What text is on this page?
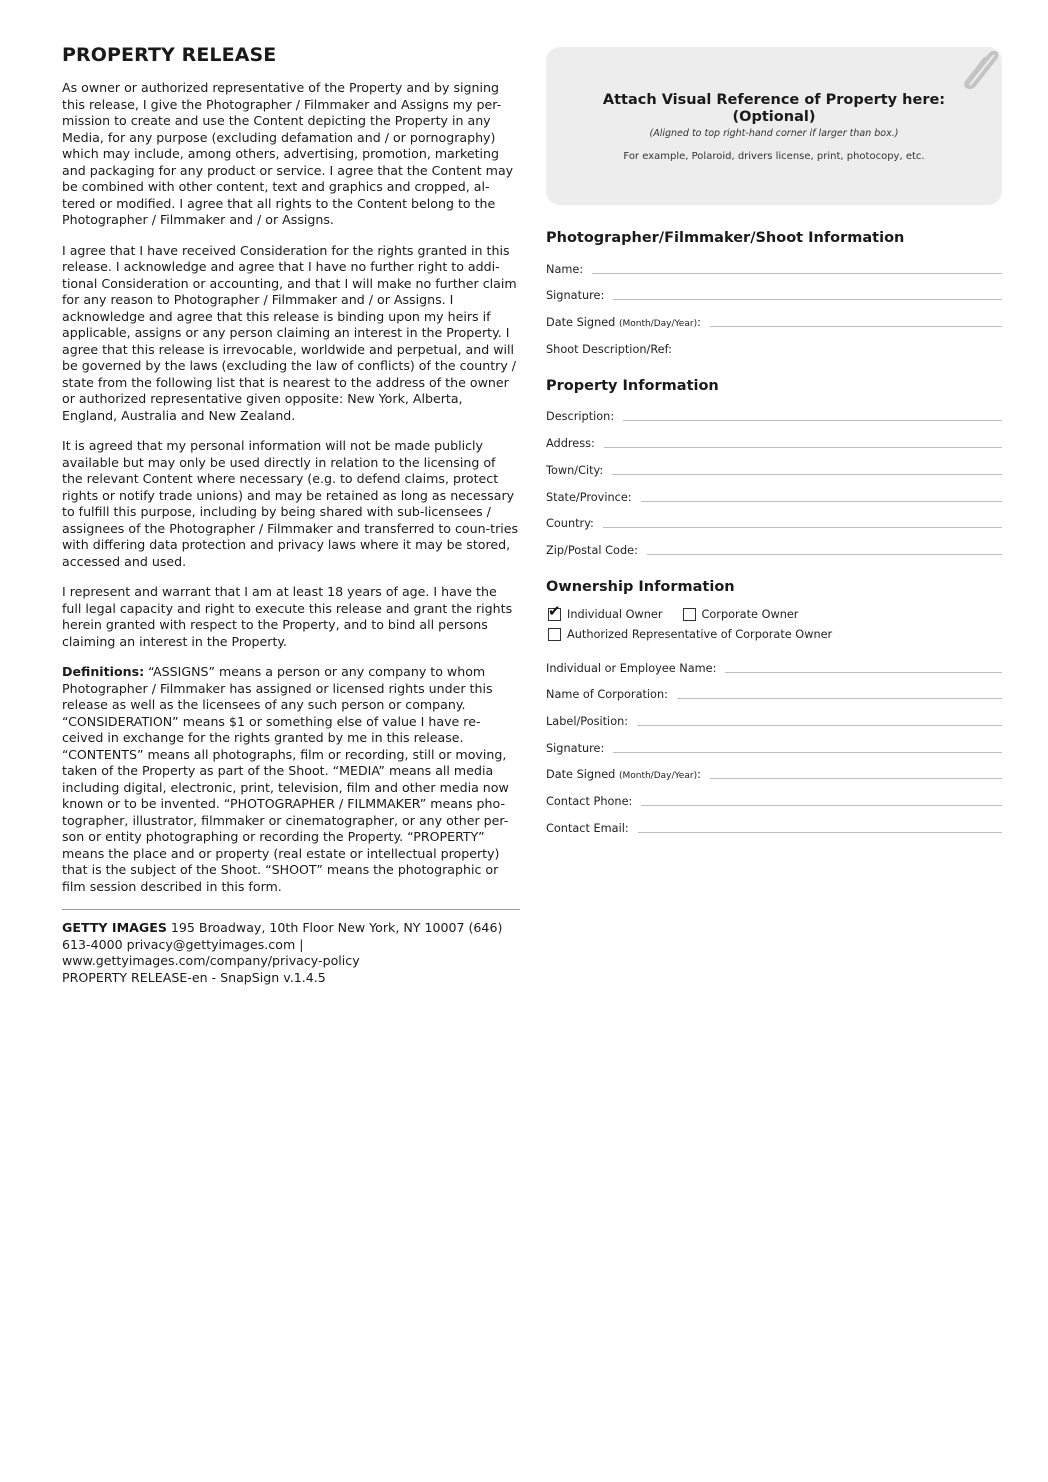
PROPERTY RELEASE

As owner or authorized representative of the Property and by signing this release, I give the Photographer / Filmmaker and Assigns my per-mission to create and use the Content depicting the Property in any Media, for any purpose (excluding defamation and / or pornography) which may include, among others, advertising, promotion, marketing and packaging for any product or service. I agree that the Content may be combined with other content, text and graphics and cropped, al-tered or modified. I agree that all rights to the Content belong to the Photographer / Filmmaker and / or Assigns.

I agree that I have received Consideration for the rights granted in this release. I acknowledge and agree that I have no further right to addi-tional Consideration or accounting, and that I will make no further claim for any reason to Photographer / Filmmaker and / or Assigns. I acknowledge and agree that this release is binding upon my heirs if applicable, assigns or any person claiming an interest in the Property. I agree that this release is irrevocable, worldwide and perpetual, and will be governed by the laws (excluding the law of conflicts) of the country / state from the following list that is nearest to the address of the owner or authorized representative given opposite: New York, Alberta, England, Australia and New Zealand.

It is agreed that my personal information will not be made publicly available but may only be used directly in relation to the licensing of the relevant Content where necessary (e.g. to defend claims, protect rights or notify trade unions) and may be retained as long as necessary to fulfill this purpose, including by being shared with sub-licensees / assignees of the Photographer / Filmmaker and transferred to coun-tries with differing data protection and privacy laws where it may be stored, accessed and used.

I represent and warrant that I am at least 18 years of age. I have the full legal capacity and right to execute this release and grant the rights herein granted with respect to the Property, and to bind all persons claiming an interest in the Property.

Definitions: “ASSIGNS” means a person or any company to whom Photographer / Filmmaker has assigned or licensed rights under this release as well as the licensees of any such person or company. “CONSIDERATION” means $1 or something else of value I have re-ceived in exchange for the rights granted by me in this release. “CONTENTS” means all photographs, film or recording, still or moving, taken of the Property as part of the Shoot. “MEDIA” means all media including digital, electronic, print, television, film and other media now known or to be invented. “PHOTOGRAPHER / FILMMAKER” means pho-tographer, illustrator, filmmaker or cinematographer, or any other per-son or entity photographing or recording the Property. “PROPERTY” means the place and or property (real estate or intellectual property) that is the subject of the Shoot. “SHOOT” means the photographic or film session described in this form.

GETTY IMAGES 195 Broadway, 10th Floor New York, NY 10007 (646) 613-4000 privacy@gettyimages.com | www.gettyimages.com/company/privacy-policy
PROPERTY RELEASE-en - SnapSign v.1.4.5
Attach Visual Reference of Property here:
(Optional)
(Aligned to top right-hand corner if larger than box.)
For example, Polaroid, drivers license, print, photocopy, etc.
Photographer/Filmmaker/Shoot Information
Name:
Signature:
Date Signed (Month/Day/Year):
Shoot Description/Ref:
Property Information
Description:
Address:
Town/City:
State/Province:
Country:
Zip/Postal Code:
Ownership Information
✔ Individual Owner	Corporate Owner
Authorized Representative of Corporate Owner
Individual or Employee Name:
Name of Corporation:
Label/Position:
Signature:
Date Signed (Month/Day/Year):
Contact Phone:
Contact Email:
